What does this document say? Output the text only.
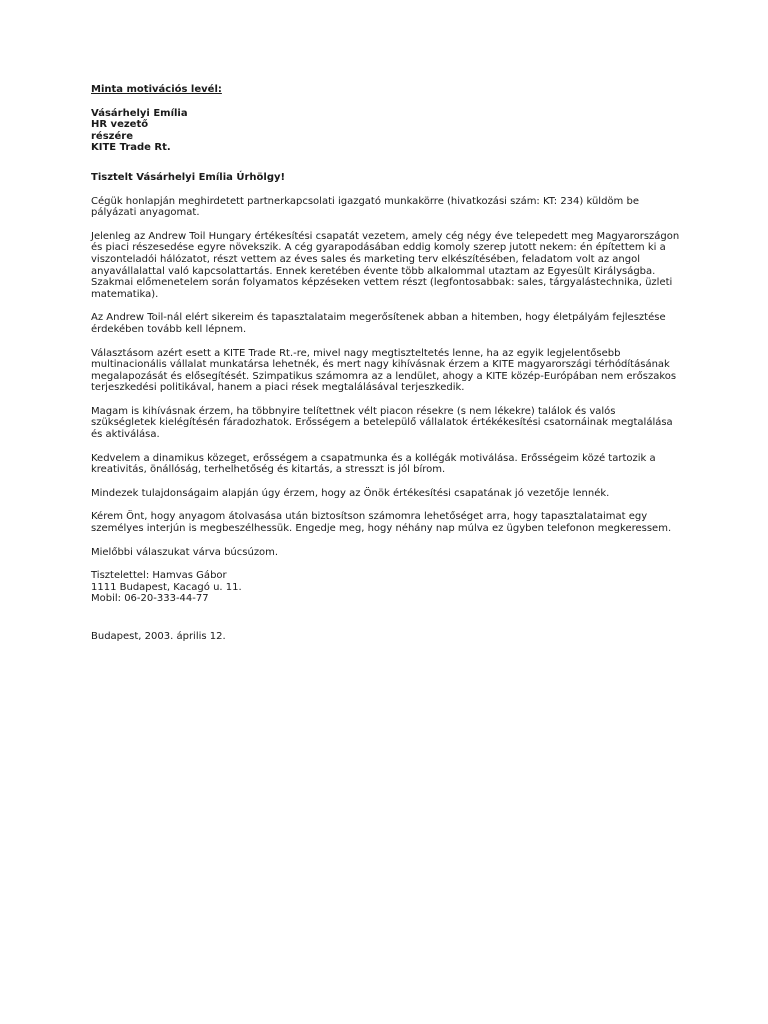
Minta motivációs levél:

Vásárhelyi Emília
HR vezető
részére
KITE Trade Rt.

Tisztelt Vásárhelyi Emília Úrhölgy!

Cégük honlapján meghirdetett partnerkapcsolati igazgató munkakörre (hivatkozási szám: KT: 234) küldöm be pályázati anyagomat.

Jelenleg az Andrew Toil Hungary értékesítési csapatát vezetem, amely cég négy éve telepedett meg Magyarországon és piaci részesedése egyre növekszik. A cég gyarapodásában eddig komoly szerep jutott nekem: én építettem ki a viszonteladói hálózatot, részt vettem az éves sales és marketing terv elkészítésében, feladatom volt az angol anyavállalattal való kapcsolattartás. Ennek keretében évente több alkalommal utaztam az Egyesült Királyságba. Szakmai előmenetelem során folyamatos képzéseken vettem részt (legfontosabbak: sales, tárgyalástechnika, üzleti matematika).

Az Andrew Toil-nál elért sikereim és tapasztalataim megerősítenek abban a hitemben, hogy életpályám fejlesztése érdekében tovább kell lépnem.

Választásom azért esett a KITE Trade Rt.-re, mivel nagy megtiszteltetés lenne, ha az egyik legjelentősebb multinacionális vállalat munkatársa lehetnék, és mert nagy kihívásnak érzem a KITE magyarországi térhódításának megalapozását és elősegítését. Szimpatikus számomra az a lendület, ahogy a KITE közép-Európában nem erőszakos terjeszkedési politikával, hanem a piaci rések megtalálásával terjeszkedik.

Magam is kihívásnak érzem, ha többnyire telítettnek vélt piacon résekre (s nem lékekre) találok és valós szükségletek kielégítésén fáradozhatok. Erősségem a betelepülő vállalatok értékékesítési csatornáinak megtalálása és aktiválása.

Kedvelem a dinamikus közeget, erősségem a csapatmunka és a kollégák motiválása. Erősségeim közé tartozik a kreativitás, önállóság, terhelhetőség és kitartás, a stresszt is jól bírom.

Mindezek tulajdonságaim alapján úgy érzem, hogy az Önök értékesítési csapatának jó vezetője lennék.

Kérem Önt, hogy anyagom átolvasása után biztosítson számomra lehetőséget arra, hogy tapasztalataimat egy személyes interjún is megbeszélhessük. Engedje meg, hogy néhány nap múlva ez ügyben telefonon megkeressem.

Mielőbbi válaszukat várva búcsúzom.

Tisztelettel: Hamvas Gábor
1111 Budapest, Kacagó u. 11.
Mobil: 06-20-333-44-77

Budapest, 2003. április 12.
